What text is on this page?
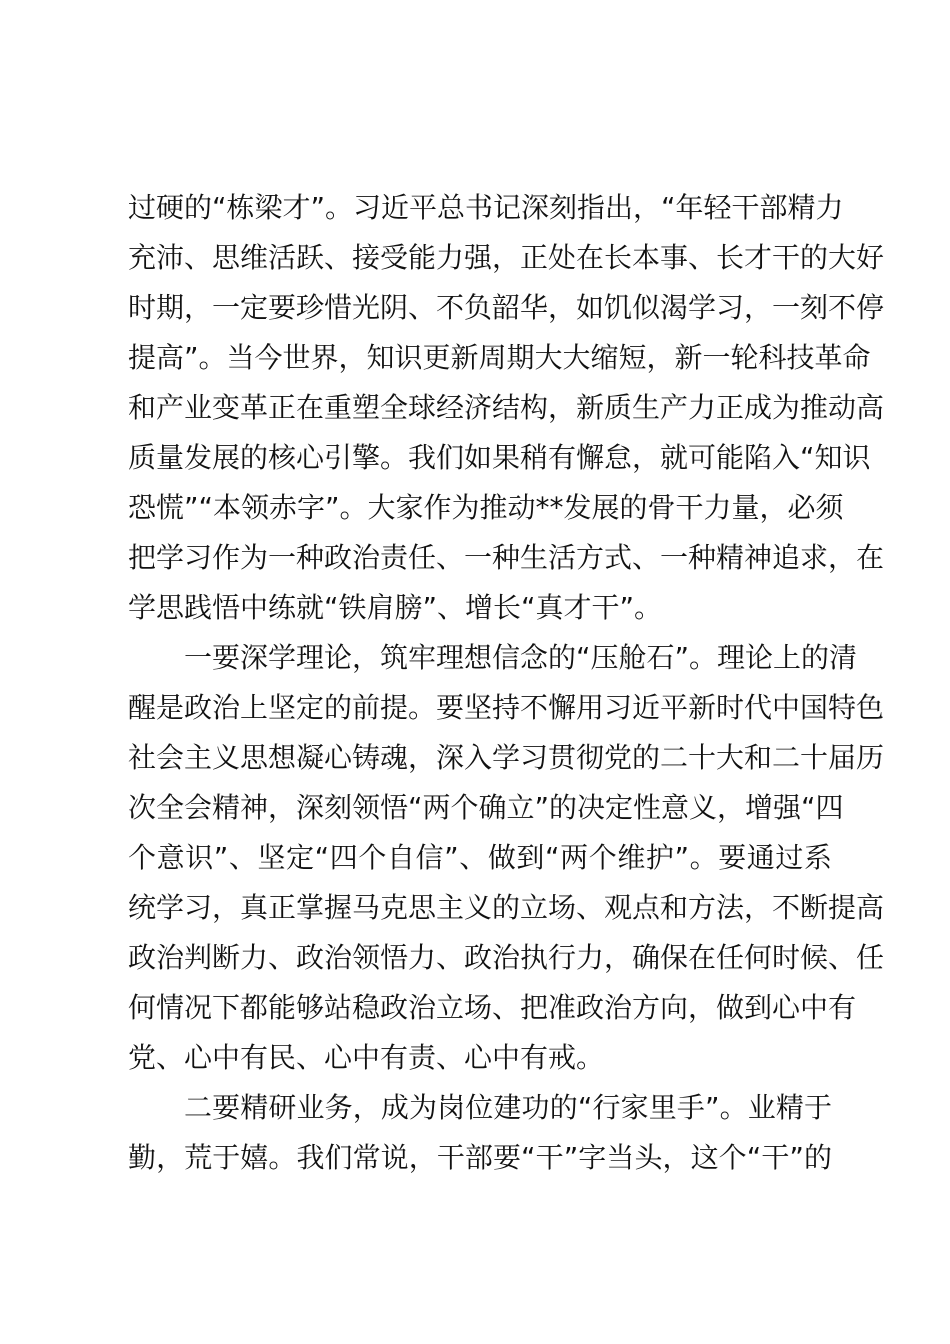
过硬的“栋梁才”。习近平总书记深刻指出，“年轻干部精力
充沛、思维活跃、接受能力强，正处在长本事、长才干的大好
时期，一定要珍惜光阴、不负韶华，如饥似渴学习，一刻不停
提高”。当今世界，知识更新周期大大缩短，新一轮科技革命
和产业变革正在重塑全球经济结构，新质生产力正成为推动高
质量发展的核心引擎。我们如果稍有懈怠，就可能陷入“知识
恐慌”“本领赤字”。大家作为推动**发展的骨干力量，必须
把学习作为一种政治责任、一种生活方式、一种精神追求，在
学思践悟中练就“铁肩膀”、增长“真才干”。
一要深学理论，筑牢理想信念的“压舱石”。理论上的清
醒是政治上坚定的前提。要坚持不懈用习近平新时代中国特色
社会主义思想凝心铸魂，深入学习贯彻党的二十大和二十届历
次全会精神，深刻领悟“两个确立”的决定性意义，增强“四
个意识”、坚定“四个自信”、做到“两个维护”。要通过系
统学习，真正掌握马克思主义的立场、观点和方法，不断提高
政治判断力、政治领悟力、政治执行力，确保在任何时候、任
何情况下都能够站稳政治立场、把准政治方向，做到心中有
党、心中有民、心中有责、心中有戒。
二要精研业务，成为岗位建功的“行家里手”。业精于
勤，荒于嬉。我们常说，干部要“干”字当头，这个“干”的
